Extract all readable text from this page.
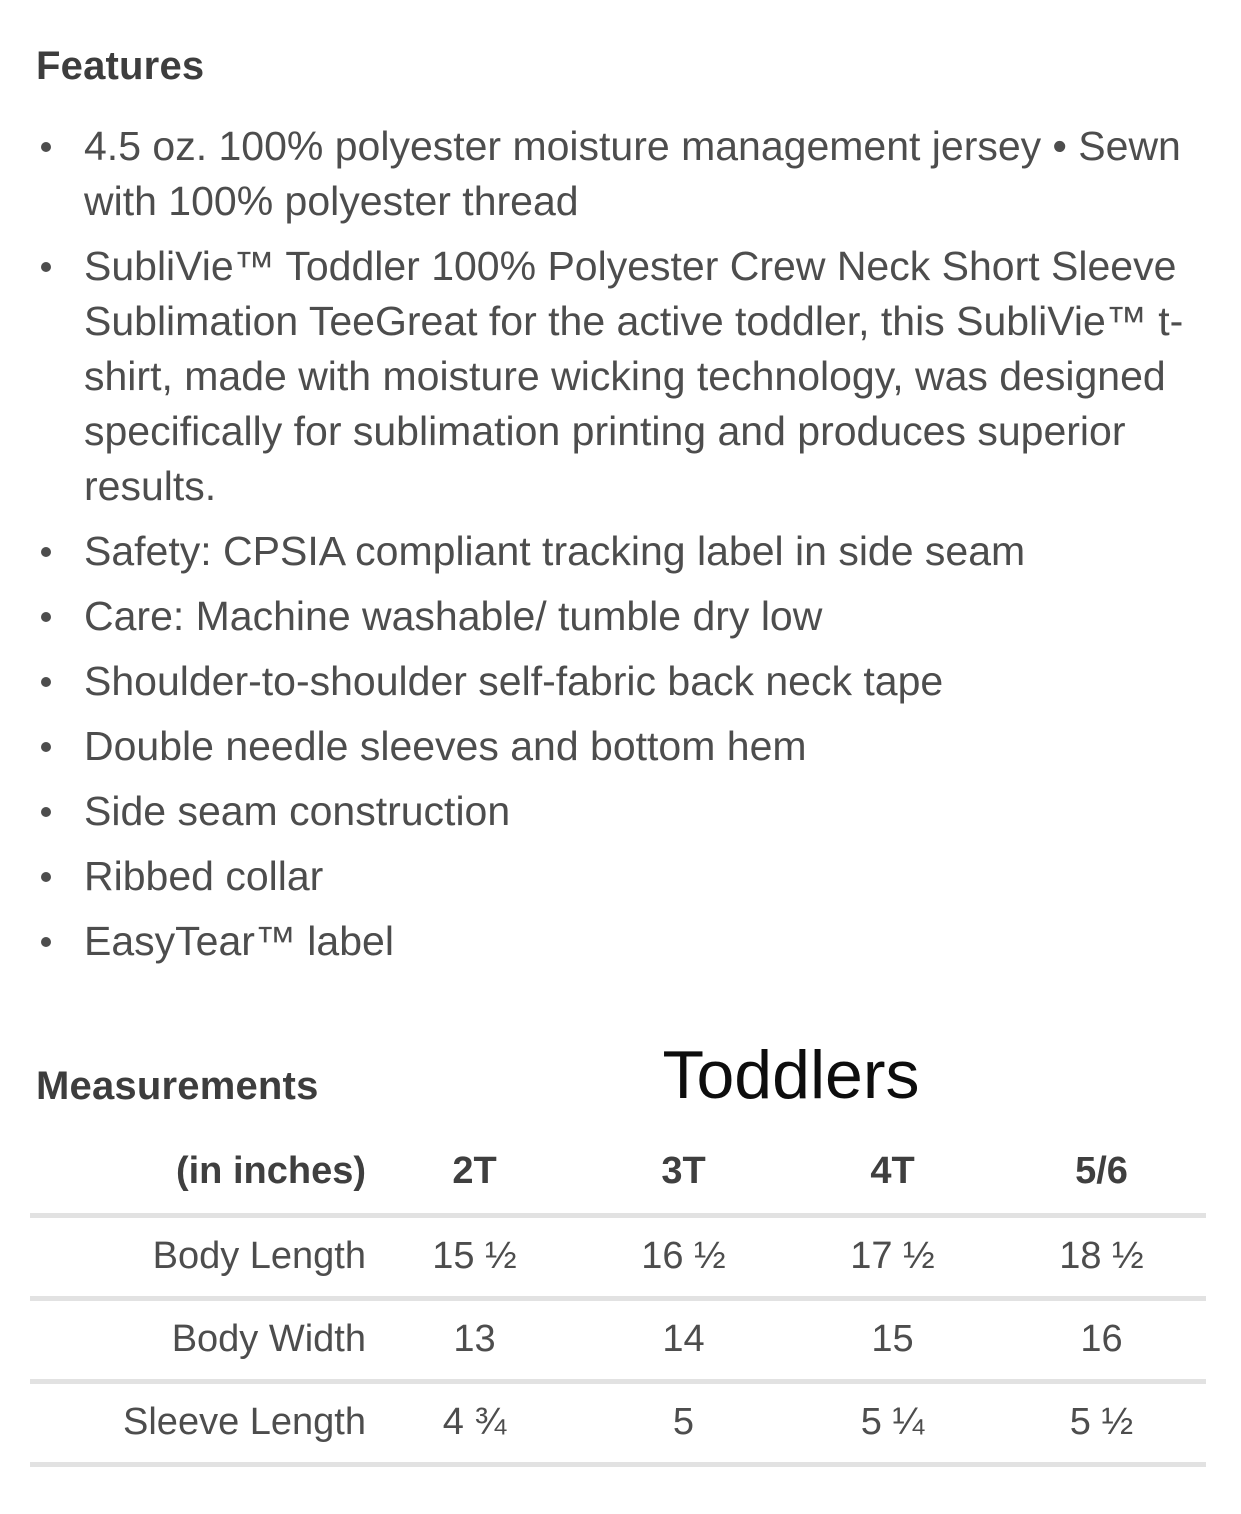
Features
4.5 oz. 100% polyester moisture management jersey • Sewn with 100% polyester thread
SubliVie™ Toddler 100% Polyester Crew Neck Short Sleeve Sublimation TeeGreat for the active toddler, this SubliVie™ t-shirt, made with moisture wicking technology, was designed specifically for sublimation printing and produces superior results.
Safety: CPSIA compliant tracking label in side seam
Care: Machine washable/ tumble dry low
Shoulder-to-shoulder self-fabric back neck tape
Double needle sleeves and bottom hem
Side seam construction
Ribbed collar
EasyTear™ label
Measurements	Toddlers
(in inches)	2T	3T	4T	5/6
Body Length	15 ½	16 ½	17 ½	18 ½
Body Width	13	14	15	16
Sleeve Length	4 ¾	5	5 ¼	5 ½
